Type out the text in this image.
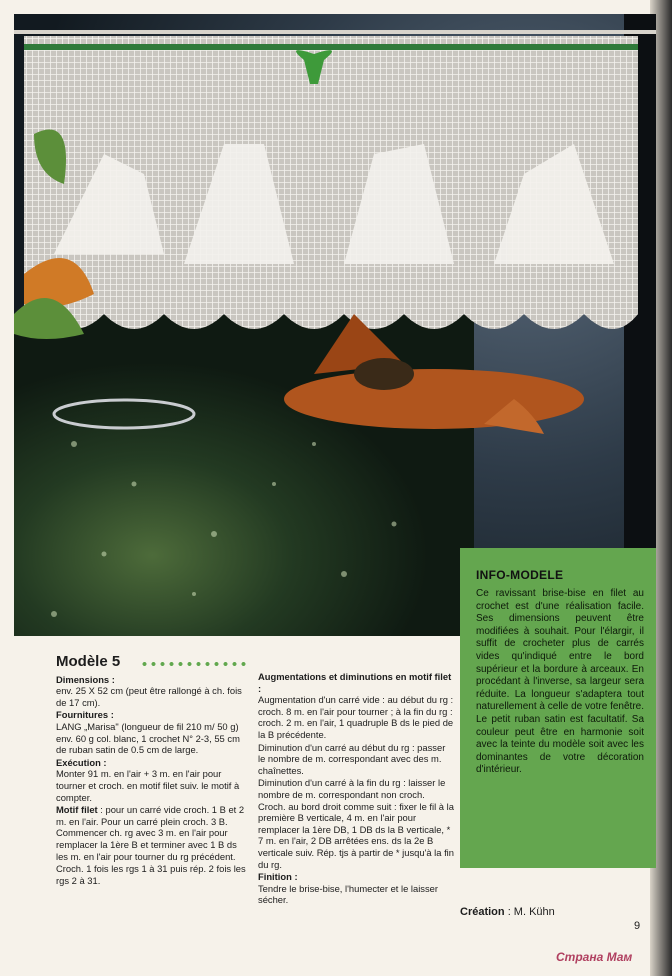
INFO-MODELE
Ce ravissant brise-bise en filet au crochet est d'une réalisation facile. Ses dimensions peuvent être modifiées à souhait. Pour l'élargir, il suffit de crocheter plus de carrés vides qu'indiqué entre le bord supérieur et la bordure à arceaux. En procédant à l'inverse, sa largeur sera réduite. La longueur s'adaptera tout naturellement à celle de votre fenêtre. Le petit ruban satin est facultatif. Sa couleur peut être en harmonie soit avec la teinte du modèle soit avec les dominantes de votre décoration d'intérieur.
Modèle 5
Dimensions :
env. 25 X 52 cm (peut être rallongé à ch. fois de 17 cm).
Fournitures :
LANG „Marisa" (longueur de fil 210 m/ 50 g) env. 60 g col. blanc, 1 crochet N° 2-3, 55 cm de ruban satin de 0.5 cm de large.
Exécution :
Monter 91 m. en l'air + 3 m. en l'air pour tourner et croch. en motif filet suiv. le motif à compter.
Motif filet : pour un carré vide croch. 1 B et 2 m. en l'air. Pour un carré plein croch. 3 B. Commencer ch. rg avec 3 m. en l'air pour remplacer la 1ère B et terminer avec 1 B ds les m. en l'air pour tourner du rg précédent.
Croch. 1 fois les rgs 1 à 31 puis rép. 2 fois les rgs 2 à 31.
Augmentations et diminutions en motif filet :
Augmentation d'un carré vide : au début du rg : croch. 8 m. en l'air pour tourner ; à la fin du rg : croch. 2 m. en l'air, 1 quadruple B ds le pied de la B précédente.
Diminution d'un carré au début du rg : passer le nombre de m. correspondant avec des m. chaînettes.
Diminution d'un carré à la fin du rg : laisser le nombre de m. correspondant non croch. Croch. au bord droit comme suit : fixer le fil à la première B verticale, 4 m. en l'air pour remplacer la 1ère DB, 1 DB ds la B verticale, * 7 m. en l'air, 2 DB arrêtées ens. ds la 2e B verticale suiv. Rép. tjs à partir de * jusqu'à la fin du rg.
Finition :
Tendre le brise-bise, l'humecter et le laisser sécher.
Création : M. Kühn
9
Страна Мам
